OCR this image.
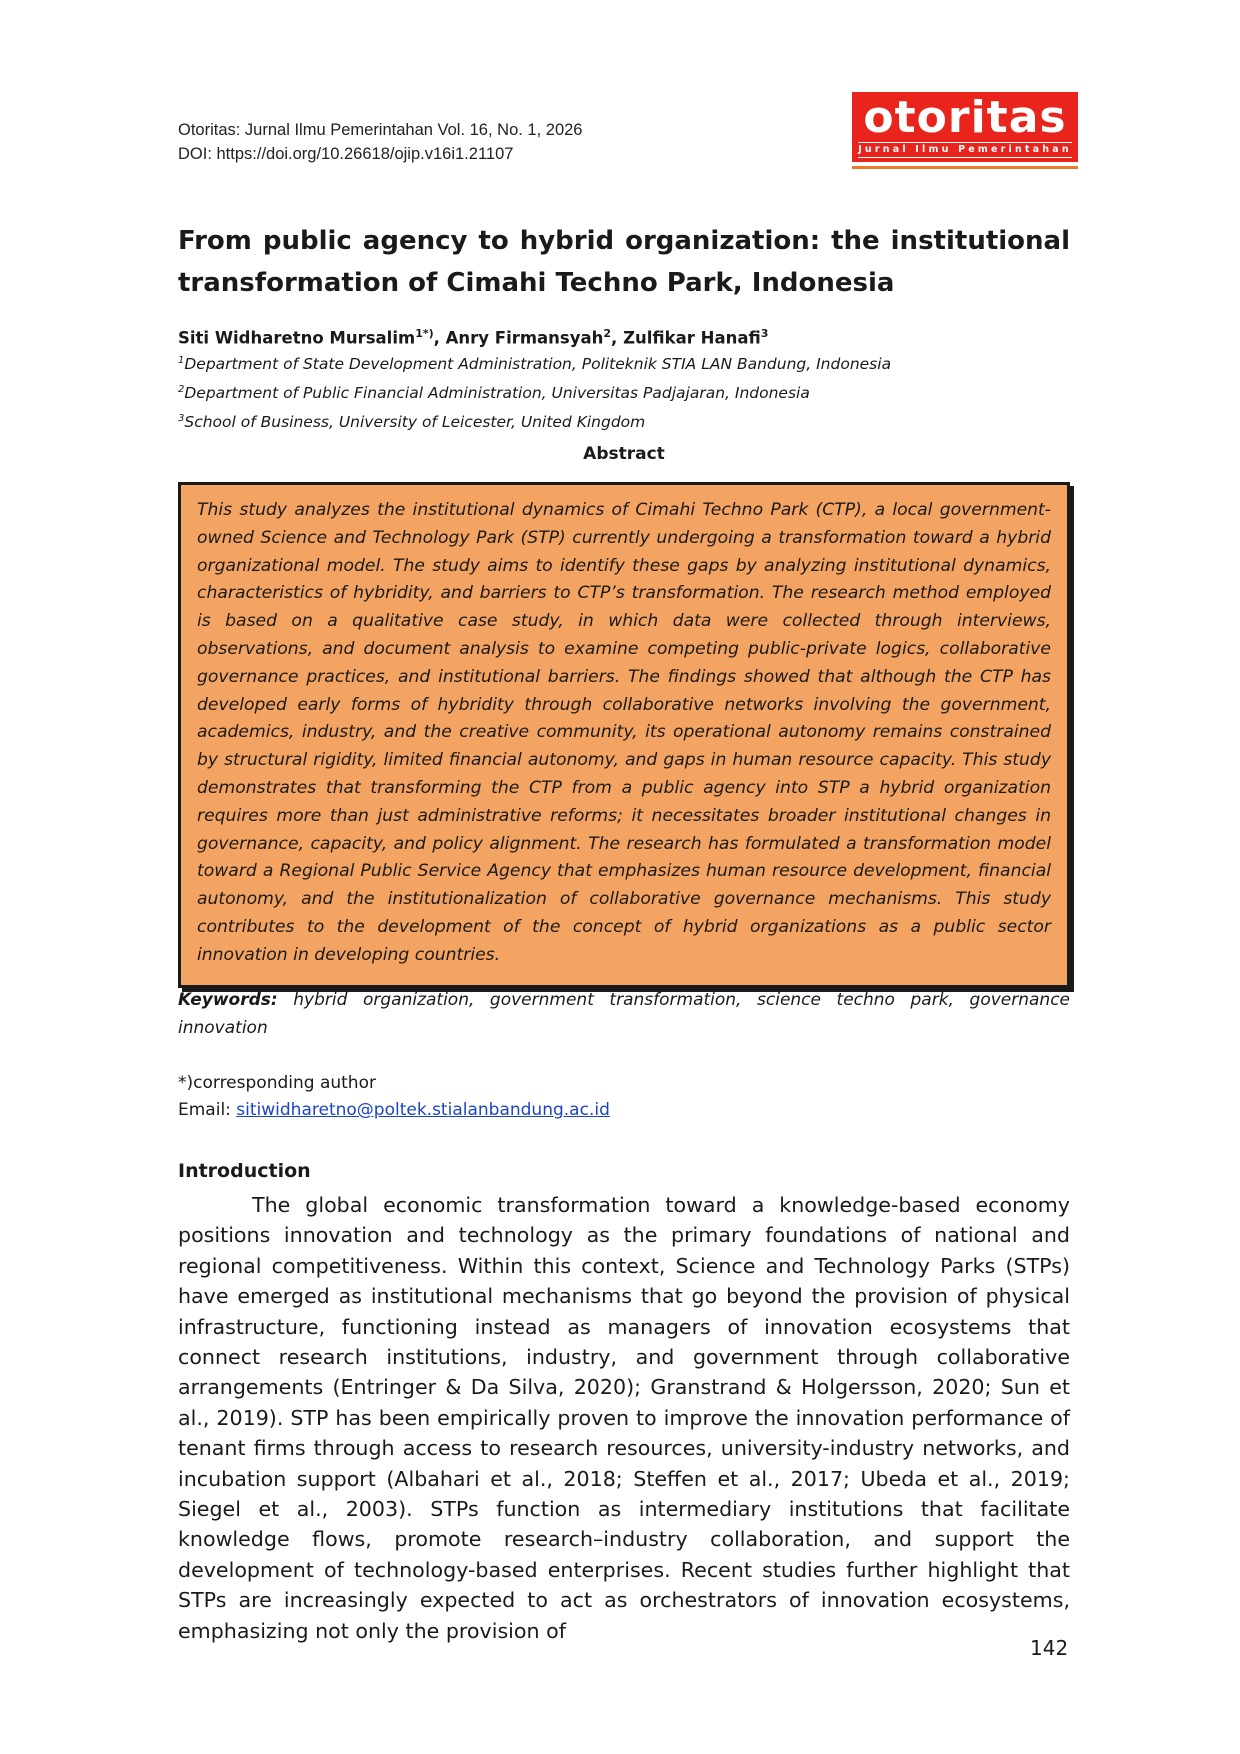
Otoritas: Jurnal Ilmu Pemerintahan Vol. 16, No. 1, 2026
DOI: https://doi.org/10.26618/ojip.v16i1.21107
otoritas
Jurnal Ilmu Pemerintahan
From public agency to hybrid organization: the institutional transformation of Cimahi Techno Park, Indonesia
Siti Widharetno Mursalim$^{1*)}$, Anry Firmansyah$^2$, Zulfikar Hanafi$^3$
$^1$Department of State Development Administration, Politeknik STIA LAN Bandung, Indonesia
$^2$Department of Public Financial Administration, Universitas Padjajaran, Indonesia
$^3$School of Business, University of Leicester, United Kingdom
Abstract

This study analyzes the institutional dynamics of Cimahi Techno Park (CTP), a local government-owned Science and Technology Park (STP) currently undergoing a transformation toward a hybrid organizational model. The study aims to identify these gaps by analyzing institutional dynamics, characteristics of hybridity, and barriers to CTP’s transformation. The research method employed is based on a qualitative case study, in which data were collected through interviews, observations, and document analysis to examine competing public-private logics, collaborative governance practices, and institutional barriers. The findings showed that although the CTP has developed early forms of hybridity through collaborative networks involving the government, academics, industry, and the creative community, its operational autonomy remains constrained by structural rigidity, limited financial autonomy, and gaps in human resource capacity. This study demonstrates that transforming the CTP from a public agency into STP a hybrid organization requires more than just administrative reforms; it necessitates broader institutional changes in governance, capacity, and policy alignment. The research has formulated a transformation model toward a Regional Public Service Agency that emphasizes human resource development, financial autonomy, and the institutionalization of collaborative governance mechanisms. This study contributes to the development of the concept of hybrid organizations as a public sector innovation in developing countries.

Keywords: hybrid organization, government transformation, science techno park, governance innovation
*)corresponding author
Email: sitiwidharetno@poltek.stialanbandung.ac.id
Introduction

The global economic transformation toward a knowledge-based economy positions innovation and technology as the primary foundations of national and regional competitiveness. Within this context, Science and Technology Parks (STPs) have emerged as institutional mechanisms that go beyond the provision of physical infrastructure, functioning instead as managers of innovation ecosystems that connect research institutions, industry, and government through collaborative arrangements (Entringer & Da Silva, 2020); Granstrand & Holgersson, 2020; Sun et al., 2019). STP has been empirically proven to improve the innovation performance of tenant firms through access to research resources, university-industry networks, and incubation support (Albahari et al., 2018; Steffen et al., 2017; Ubeda et al., 2019; Siegel et al., 2003). STPs function as intermediary institutions that facilitate knowledge flows, promote research–industry collaboration, and support the development of technology-based enterprises. Recent studies further highlight that STPs are increasingly expected to act as orchestrators of innovation ecosystems, emphasizing not only the provision of

142
